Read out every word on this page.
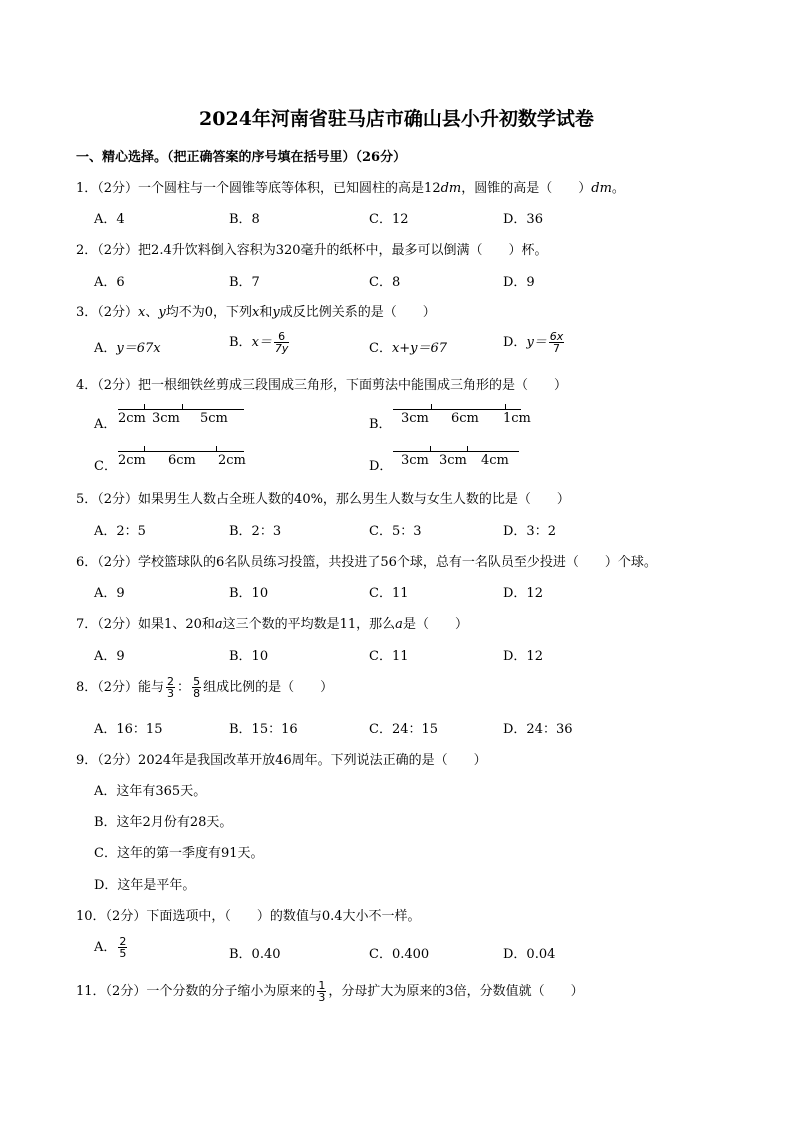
2024年河南省驻马店市确山县小升初数学试卷
一、精心选择。（把正确答案的序号填在括号里）（26分）
1．（2分）一个圆柱与一个圆锥等底等体积，已知圆柱的高是12dm，圆锥的高是（　　）dm。
A．4	B．8	C．12	D．36
2．（2分）把2.4升饮料倒入容积为320毫升的纸杯中，最多可以倒满（　　）杯。
A．6	B．7	C．8	D．9
3．（2分）x、y均不为0，下列x和y成反比例关系的是（　　）
A．y＝67x	B．$x= \frac{6}{7y}$	C．x+y＝67	D．$y= \frac{6x}{7}$
4．（2分）把一根细铁丝剪成三段围成三角形，下面剪法中能围成三角形的是（　　）
A． 2cm 3cm 5cm	B． 3cm 6cm 1cm
C． 2cm 6cm 2cm	D． 3cm 3cm 4cm
5．（2分）如果男生人数占全班人数的40%，那么男生人数与女生人数的比是（　　）
A．2：5	B．2：3	C．5：3	D．3：2
6．（2分）学校篮球队的6名队员练习投篮，共投进了56个球，总有一名队员至少投进（　　）个球。
A．9	B．10	C．11	D．12
7．（2分）如果1、20和a这三个数的平均数是11，那么a是（　　）
A．9	B．10	C．11	D．12
8．（2分）能与 $\frac{2}{3}$ ： $\frac{5}{8}$ 组成比例的是（　　）
A．16：15	B．15：16	C．24：15	D．24：36
9．（2分）2024年是我国改革开放46周年。下列说法正确的是（　　）
A．这年有365天。
B．这年2月份有28天。
C．这年的第一季度有91天。
D．这年是平年。
10．（2分）下面选项中，（　　）的数值与0.4大小不一样。
A． $\frac{2}{5}$	B．0.40	C．0.400	D．0.04
11．（2分）一个分数的分子缩小为原来的 $\frac{1}{3}$ ，分母扩大为原来的3倍，分数值就（　　）
